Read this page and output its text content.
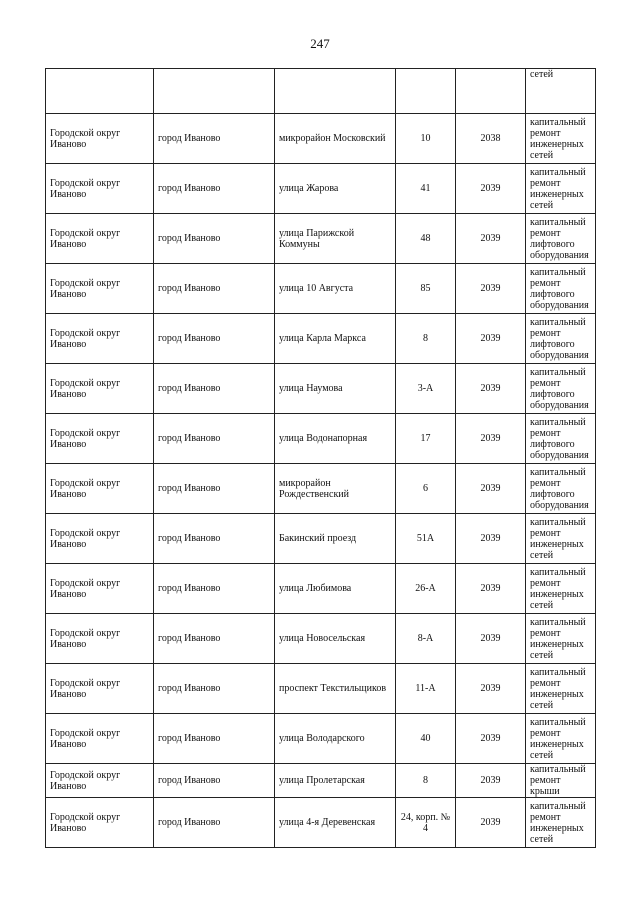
247
					сетей
Городской округ Иваново	город Иваново	микрорайон Московский	10	2038	капитальный ремонт инженерных сетей
Городской округ Иваново	город Иваново	улица Жарова	41	2039	капитальный ремонт инженерных сетей
Городской округ Иваново	город Иваново	улица Парижской Коммуны	48	2039	капитальный ремонт лифтового оборудования
Городской округ Иваново	город Иваново	улица 10 Августа	85	2039	капитальный ремонт лифтового оборудования
Городской округ Иваново	город Иваново	улица Карла Маркса	8	2039	капитальный ремонт лифтового оборудования
Городской округ Иваново	город Иваново	улица Наумова	3-А	2039	капитальный ремонт лифтового оборудования
Городской округ Иваново	город Иваново	улица Водонапорная	17	2039	капитальный ремонт лифтового оборудования
Городской округ Иваново	город Иваново	микрорайон Рождественский	6	2039	капитальный ремонт лифтового оборудования
Городской округ Иваново	город Иваново	Бакинский проезд	51А	2039	капитальный ремонт инженерных сетей
Городской округ Иваново	город Иваново	улица Любимова	26-А	2039	капитальный ремонт инженерных сетей
Городской округ Иваново	город Иваново	улица Новосельская	8-А	2039	капитальный ремонт инженерных сетей
Городской округ Иваново	город Иваново	проспект Текстильщиков	11-А	2039	капитальный ремонт инженерных сетей
Городской округ Иваново	город Иваново	улица Володарского	40	2039	капитальный ремонт инженерных сетей
Городской округ Иваново	город Иваново	улица Пролетарская	8	2039	капитальный ремонт крыши
Городской округ Иваново	город Иваново	улица 4-я Деревенская	24, корп. № 4	2039	капитальный ремонт инженерных сетей
